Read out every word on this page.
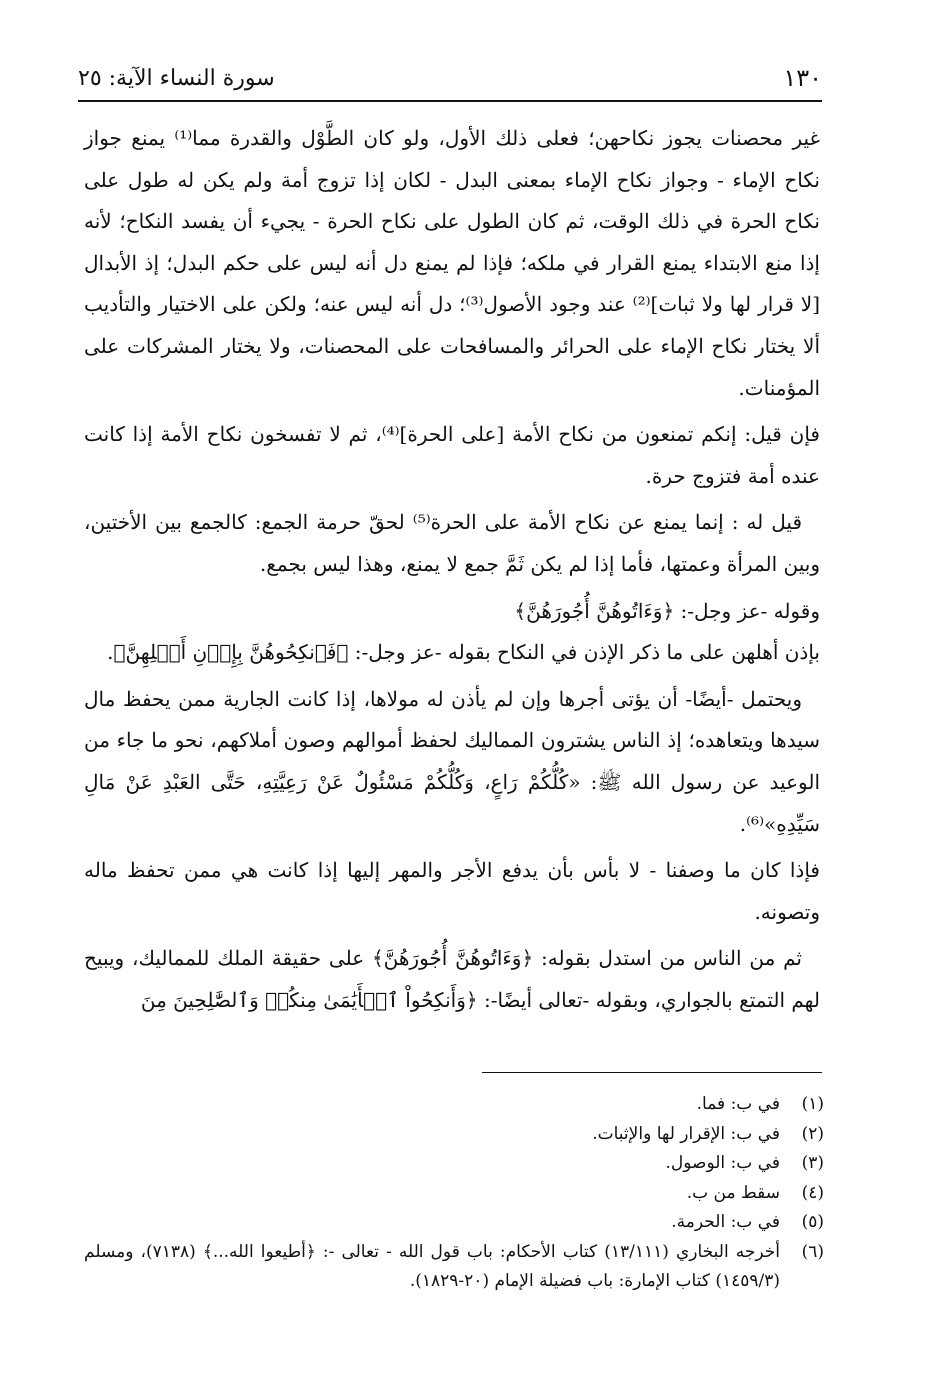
١٣٠
سورة النساء الآية: ٢٥

غير محصنات يجوز نكاحهن؛ فعلى ذلك الأول، ولو كان الطَّوْل والقدرة مما⁽¹⁾ يمنع جواز نكاح الإماء - وجواز نكاح الإماء بمعنى البدل - لكان إذا تزوج أمة ولم يكن له طول على نكاح الحرة في ذلك الوقت، ثم كان الطول على نكاح الحرة - يجيء أن يفسد النكاح؛ لأنه إذا منع الابتداء يمنع القرار في ملكه؛ فإذا لم يمنع دل أنه ليس على حكم البدل؛ إذ الأبدال [لا قرار لها ولا ثبات]⁽²⁾ عند وجود الأصول⁽³⁾؛ دل أنه ليس عنه؛ ولكن على الاختيار والتأديب ألا يختار نكاح الإماء على الحرائر والمسافحات على المحصنات، ولا يختار المشركات على المؤمنات.

فإن قيل: إنكم تمنعون من نكاح الأمة [على الحرة]⁽⁴⁾، ثم لا تفسخون نكاح الأمة إذا كانت عنده أمة فتزوج حرة.

قيل له : إنما يمنع عن نكاح الأمة على الحرة⁽⁵⁾ لحقّ حرمة الجمع: كالجمع بين الأختين، وبين المرأة وعمتها، فأما إذا لم يكن ثَمَّ جمع لا يمنع، وهذا ليس بجمع.

وقوله -عز وجل-: ﴿وَءَاتُوهُنَّ أُجُورَهُنَّ﴾

بإذن أهلهن على ما ذكر الإذن في النكاح بقوله -عز وجل-: ﴿فَٱنكِحُوهُنَّ بِإِذۡنِ أَهۡلِهِنَّ﴾.

ويحتمل -أيضًا- أن يؤتى أجرها وإن لم يأذن له مولاها، إذا كانت الجارية ممن يحفظ مال سيدها ويتعاهده؛ إذ الناس يشترون المماليك لحفظ أموالهم وصون أملاكهم، نحو ما جاء من الوعيد عن رسول الله ﷺ: «كُلُّكُمْ رَاعٍ، وَكُلُّكُمْ مَسْئُولٌ عَنْ رَعِيَّتِهِ، حَتَّى العَبْدِ عَنْ مَالِ سَيِّدِهِ»⁽⁶⁾.

فإذا كان ما وصفنا - لا بأس بأن يدفع الأجر والمهر إليها إذا كانت هي ممن تحفظ ماله وتصونه.

ثم من الناس من استدل بقوله: ﴿وَءَاتُوهُنَّ أُجُورَهُنَّ﴾ على حقيقة الملك للمماليك، ويبيح لهم التمتع بالجواري، وبقوله -تعالى أيضًا-: ﴿وَأَنكِحُواْ ٱلۡأَيَٰمَىٰ مِنكُمۡ وَٱلصَّٰلِحِينَ مِنَ

(١)
في ب: فما.
(٢)
في ب: الإقرار لها والإثبات.
(٣)
في ب: الوصول.
(٤)
سقط من ب.
(٥)
في ب: الحرمة.
(٦)
أخرجه البخاري (١٣/١١١) كتاب الأحكام: باب قول الله - تعالى -: ﴿أطيعوا الله...﴾ (٧١٣٨)، ومسلم (١٤٥٩/٣) كتاب الإمارة: باب فضيلة الإمام (٢٠-١٨٢٩).
